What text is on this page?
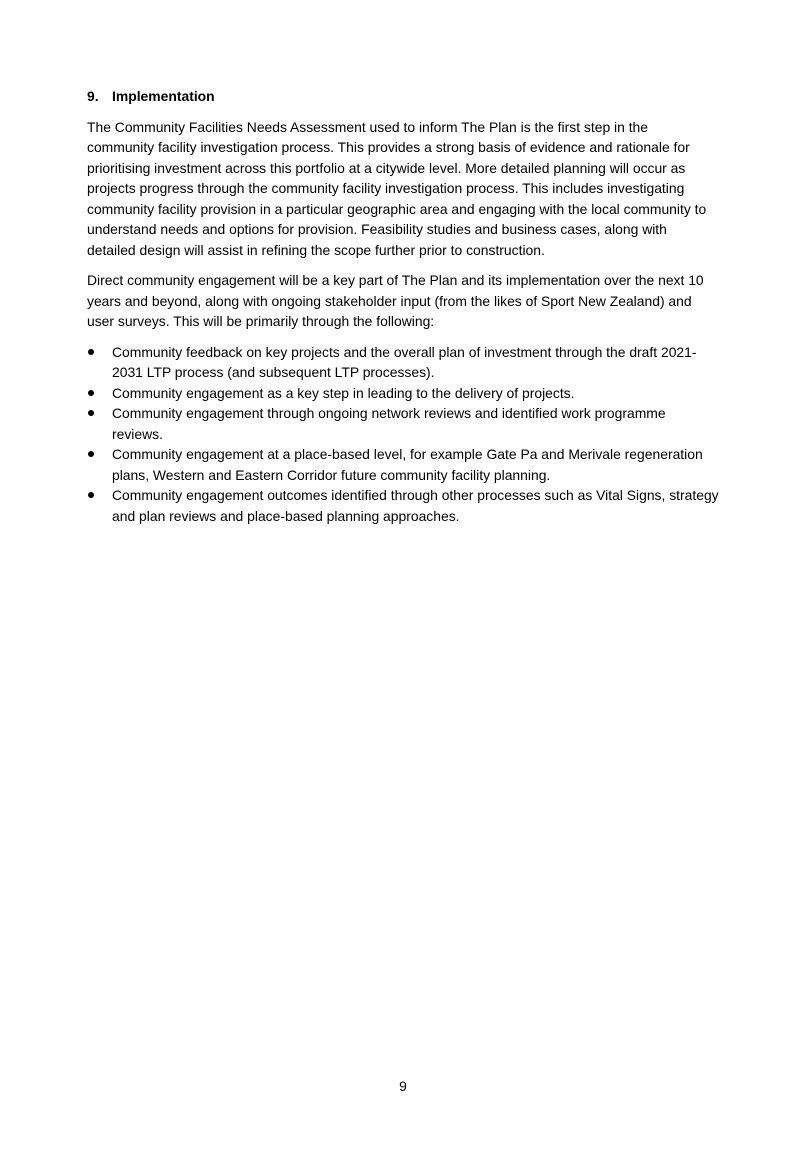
9. Implementation

The Community Facilities Needs Assessment used to inform The Plan is the first step in the community facility investigation process. This provides a strong basis of evidence and rationale for prioritising investment across this portfolio at a citywide level. More detailed planning will occur as projects progress through the community facility investigation process. This includes investigating community facility provision in a particular geographic area and engaging with the local community to understand needs and options for provision. Feasibility studies and business cases, along with detailed design will assist in refining the scope further prior to construction.

Direct community engagement will be a key part of The Plan and its implementation over the next 10 years and beyond, along with ongoing stakeholder input (from the likes of Sport New Zealand) and user surveys. This will be primarily through the following:

Community feedback on key projects and the overall plan of investment through the draft 2021-2031 LTP process (and subsequent LTP processes).
Community engagement as a key step in leading to the delivery of projects.
Community engagement through ongoing network reviews and identified work programme reviews.
Community engagement at a place-based level, for example Gate Pa and Merivale regeneration plans, Western and Eastern Corridor future community facility planning.
Community engagement outcomes identified through other processes such as Vital Signs, strategy and plan reviews and place-based planning approaches.
9
